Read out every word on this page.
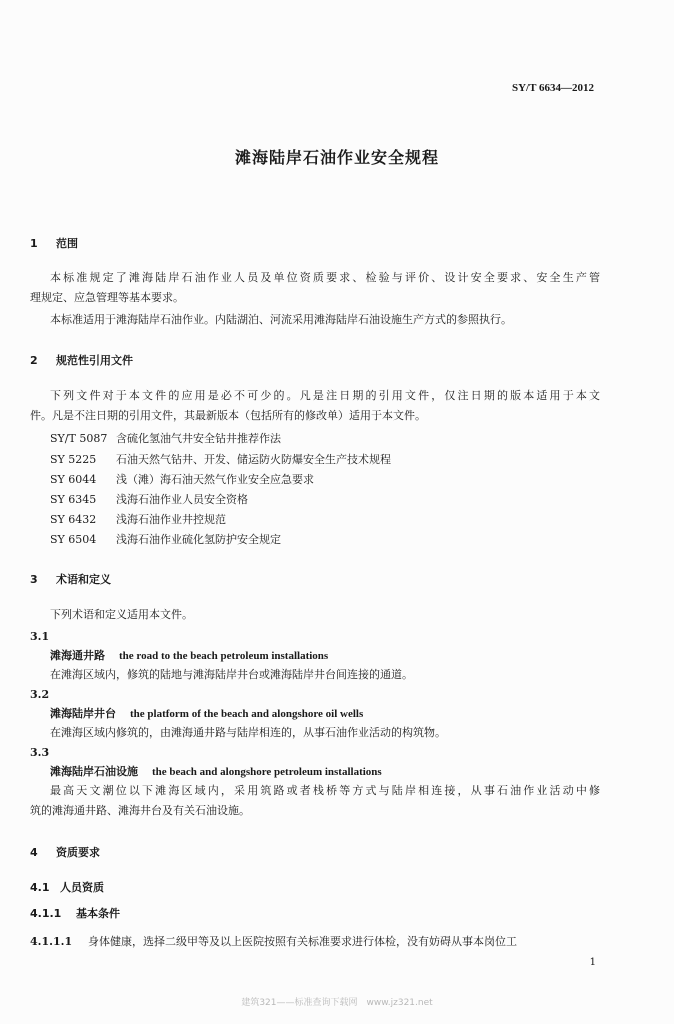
SY/T 6634—2012
滩海陆岸石油作业安全规程
1 范围
本标准规定了滩海陆岸石油作业人员及单位资质要求、检验与评价、设计安全要求、安全生产管
理规定、应急管理等基本要求。
本标准适用于滩海陆岸石油作业。内陆湖泊、河流采用滩海陆岸石油设施生产方式的参照执行。
2 规范性引用文件
下列文件对于本文件的应用是必不可少的。凡是注日期的引用文件，仅注日期的版本适用于本文
件。凡是不注日期的引用文件，其最新版本（包括所有的修改单）适用于本文件。
SY/T 5087 含硫化氢油气井安全钻井推荐作法
SY 5225 石油天然气钻井、开发、储运防火防爆安全生产技术规程
SY 6044 浅（滩）海石油天然气作业安全应急要求
SY 6345 浅海石油作业人员安全资格
SY 6432 浅海石油作业井控规范
SY 6504 浅海石油作业硫化氢防护安全规定
3 术语和定义
下列术语和定义适用本文件。
3.1
滩海通井路 the road to the beach petroleum installations
在滩海区域内，修筑的陆地与滩海陆岸井台或滩海陆岸井台间连接的通道。
3.2
滩海陆岸井台 the platform of the beach and alongshore oil wells
在滩海区域内修筑的，由滩海通井路与陆岸相连的，从事石油作业活动的构筑物。
3.3
滩海陆岸石油设施 the beach and alongshore petroleum installations
最高天文潮位以下滩海区域内，采用筑路或者栈桥等方式与陆岸相连接，从事石油作业活动中修
筑的滩海通井路、滩海井台及有关石油设施。
4 资质要求
4.1 人员资质
4.1.1 基本条件
4.1.1.1 身体健康，选择二级甲等及以上医院按照有关标准要求进行体检，没有妨碍从事本岗位工
1
建筑321——标准查询下载网　www.jz321.net
